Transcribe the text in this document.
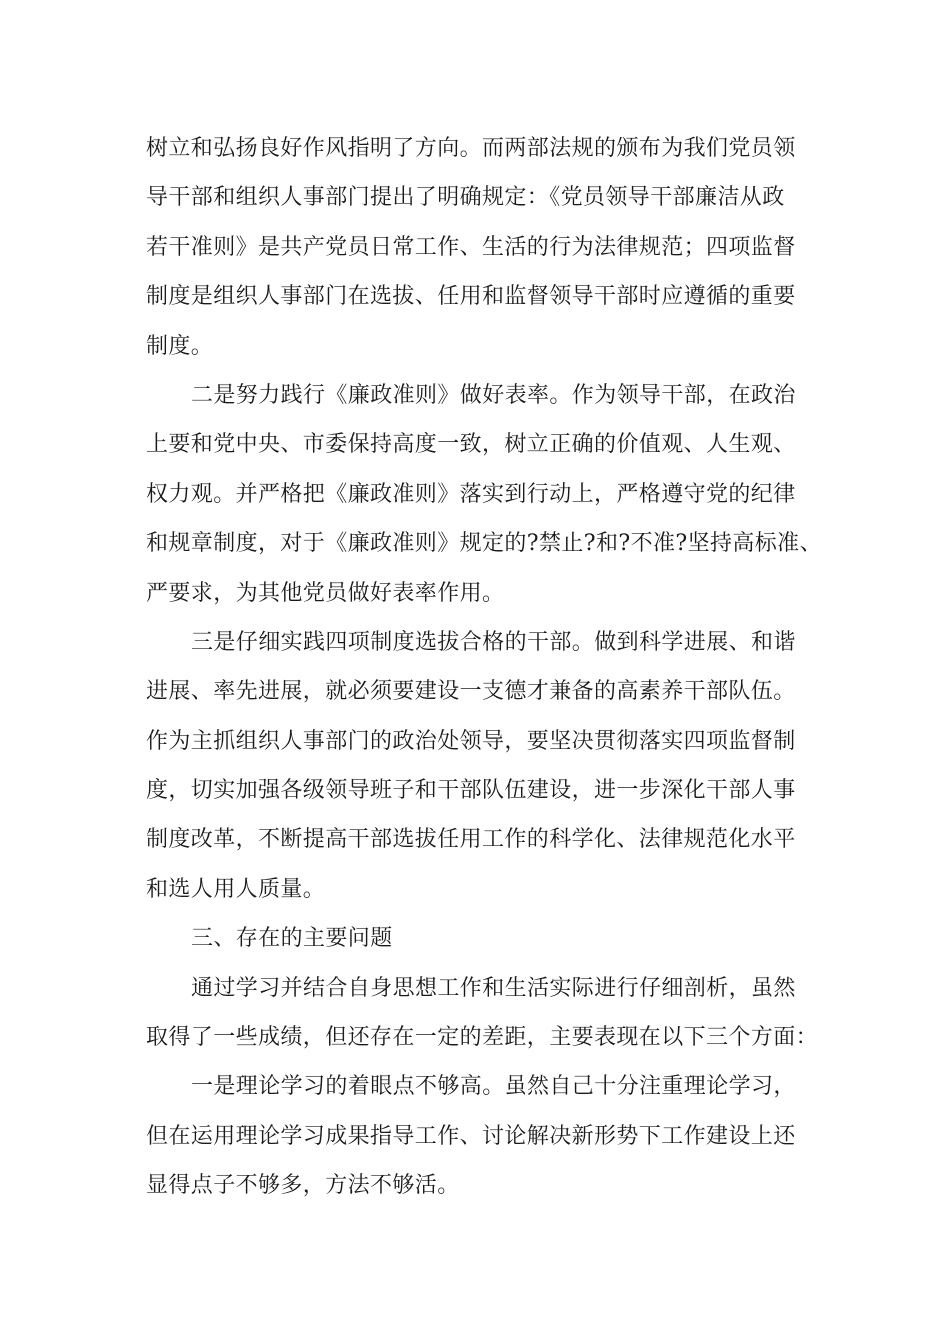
树立和弘扬良好作风指明了方向。而两部法规的颁布为我们党员领
导干部和组织人事部门提出了明确规定：《党员领导干部廉洁从政
若干准则》是共产党员日常工作、生活的行为法律规范；四项监督
制度是组织人事部门在选拔、任用和监督领导干部时应遵循的重要
制度。
二是努力践行《廉政准则》做好表率。作为领导干部，在政治
上要和党中央、市委保持高度一致，树立正确的价值观、人生观、
权力观。并严格把《廉政准则》落实到行动上，严格遵守党的纪律
和规章制度，对于《廉政准则》规定的?禁止?和?不准?坚持高标准、
严要求，为其他党员做好表率作用。
三是仔细实践四项制度选拔合格的干部。做到科学进展、和谐
进展、率先进展，就必须要建设一支德才兼备的高素养干部队伍。
作为主抓组织人事部门的政治处领导，要坚决贯彻落实四项监督制
度，切实加强各级领导班子和干部队伍建设，进一步深化干部人事
制度改革，不断提高干部选拔任用工作的科学化、法律规范化水平
和选人用人质量。
三、存在的主要问题
通过学习并结合自身思想工作和生活实际进行仔细剖析，虽然
取得了一些成绩，但还存在一定的差距，主要表现在以下三个方面：
一是理论学习的着眼点不够高。虽然自己十分注重理论学习，
但在运用理论学习成果指导工作、讨论解决新形势下工作建设上还
显得点子不够多，方法不够活。
